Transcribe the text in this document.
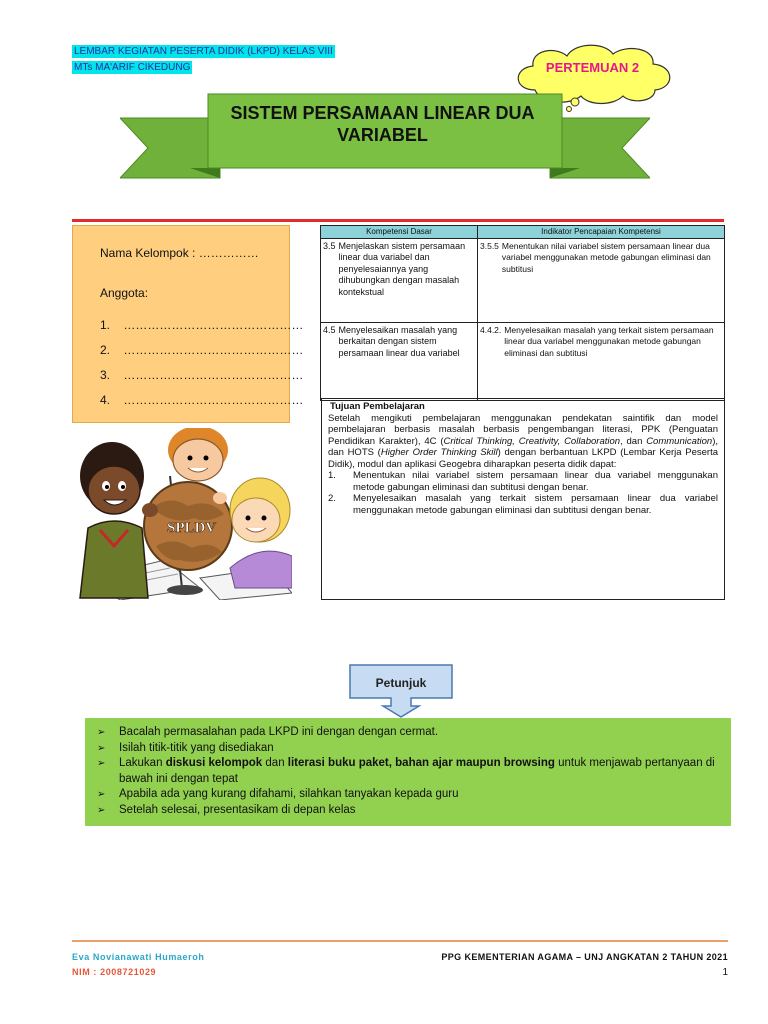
LEMBAR KEGIATAN PESERTA DIDIK (LKPD) KELAS VIII
MTs MA'ARIF CIKEDUNG	PERTEMUAN 2
SISTEM PERSAMAAN LINEAR DUA
VARIABEL
Nama Kelompok : ……………
Anggota:
1. ………………………………………
2. ………………………………………
3. ………………………………………
4. ………………………………………
SPLDV
Kompetensi Dasar	Indikator Pencapaian Kompetensi

3.5 Menjelaskan sistem persamaan linear dua variabel dan penyelesaiannya yang dihubungkan dengan masalah kontekstual	3.5.5 Menentukan nilai variabel sistem persamaan linear dua variabel menggunakan metode gabungan eliminasi dan subtitusi

4.5 Menyelesaikan masalah yang berkaitan dengan sistem persamaan linear dua variabel	4.4.2. Menyelesaikan masalah yang terkait sistem persamaan linear dua variabel menggunakan metode gabungan eliminasi dan subtitusi
Tujuan Pembelajaran
Setelah mengikuti pembelajaran menggunakan pendekatan saintifik dan model pembelajaran berbasis masalah berbasis pengembangan literasi, PPK (Penguatan Pendidikan Karakter), 4C (Critical Thinking, Creativity, Collaboration, dan Communication), dan HOTS (Higher Order Thinking Skill) dengan berbantuan LKPD (Lembar Kerja Peserta Didik), modul dan aplikasi Geogebra diharapkan peserta didik dapat:
1.	Menentukan nilai variabel sistem persamaan linear dua variabel menggunakan metode gabungan eliminasi dan subtitusi dengan benar.
2.	Menyelesaikan masalah yang terkait sistem persamaan linear dua variabel menggunakan metode gabungan eliminasi dan subtitusi dengan benar.
Petunjuk
➢	Bacalah permasalahan pada LKPD ini dengan dengan cermat.
➢	Isilah titik-titik yang disediakan
➢	Lakukan diskusi kelompok dan literasi buku paket, bahan ajar maupun browsing untuk menjawab pertanyaan di bawah ini dengan tepat
➢	Apabila ada yang kurang difahami, silahkan tanyakan kepada guru
➢	Setelah selesai, presentasikam di depan kelas
Eva Novianawati Humaeroh
NIM : 2008721029
PPG KEMENTERIAN AGAMA – UNJ ANGKATAN 2 TAHUN 2021
1
